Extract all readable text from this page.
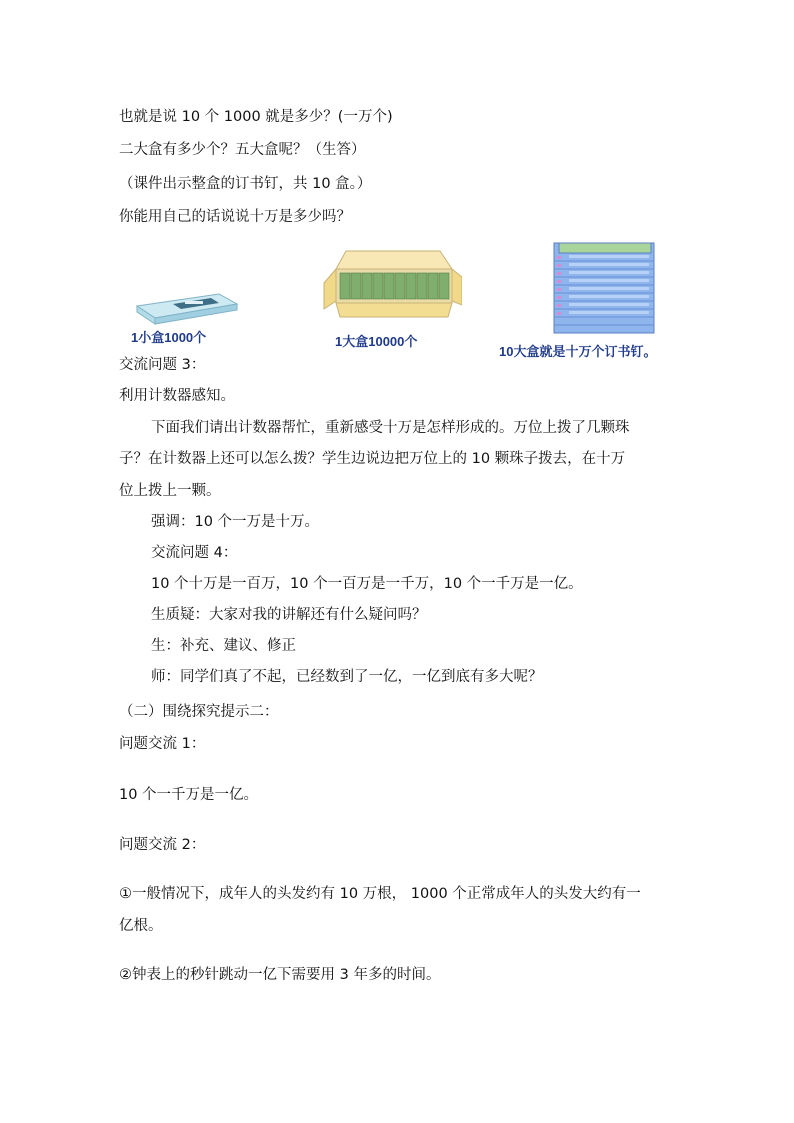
也就是说 10 个 1000 就是多少？(一万个)
二大盒有多少个？五大盒呢？（生答）
（课件出示整盒的订书钉，共 10 盒。）
你能用自己的话说说十万是多少吗？
1小盒1000个	1大盒10000个
10大盒就是十万个订书钉。
交流问题 3：
利用计数器感知。
下面我们请出计数器帮忙，重新感受十万是怎样形成的。万位上拨了几颗珠
子？在计数器上还可以怎么拨？学生边说边把万位上的 10 颗珠子拨去，在十万
位上拨上一颗。
强调：10 个一万是十万。
交流问题 4：
10 个十万是一百万，10 个一百万是一千万，10 个一千万是一亿。
生质疑：大家对我的讲解还有什么疑问吗？
生：补充、建议、修正
师：同学们真了不起，已经数到了一亿，一亿到底有多大呢？
（二）围绕探究提示二：
问题交流 1：
10 个一千万是一亿。
问题交流 2：
①一般情况下，成年人的头发约有 10 万根， 1000 个正常成年人的头发大约有一
亿根。
②钟表上的秒针跳动一亿下需要用 3 年多的时间。
